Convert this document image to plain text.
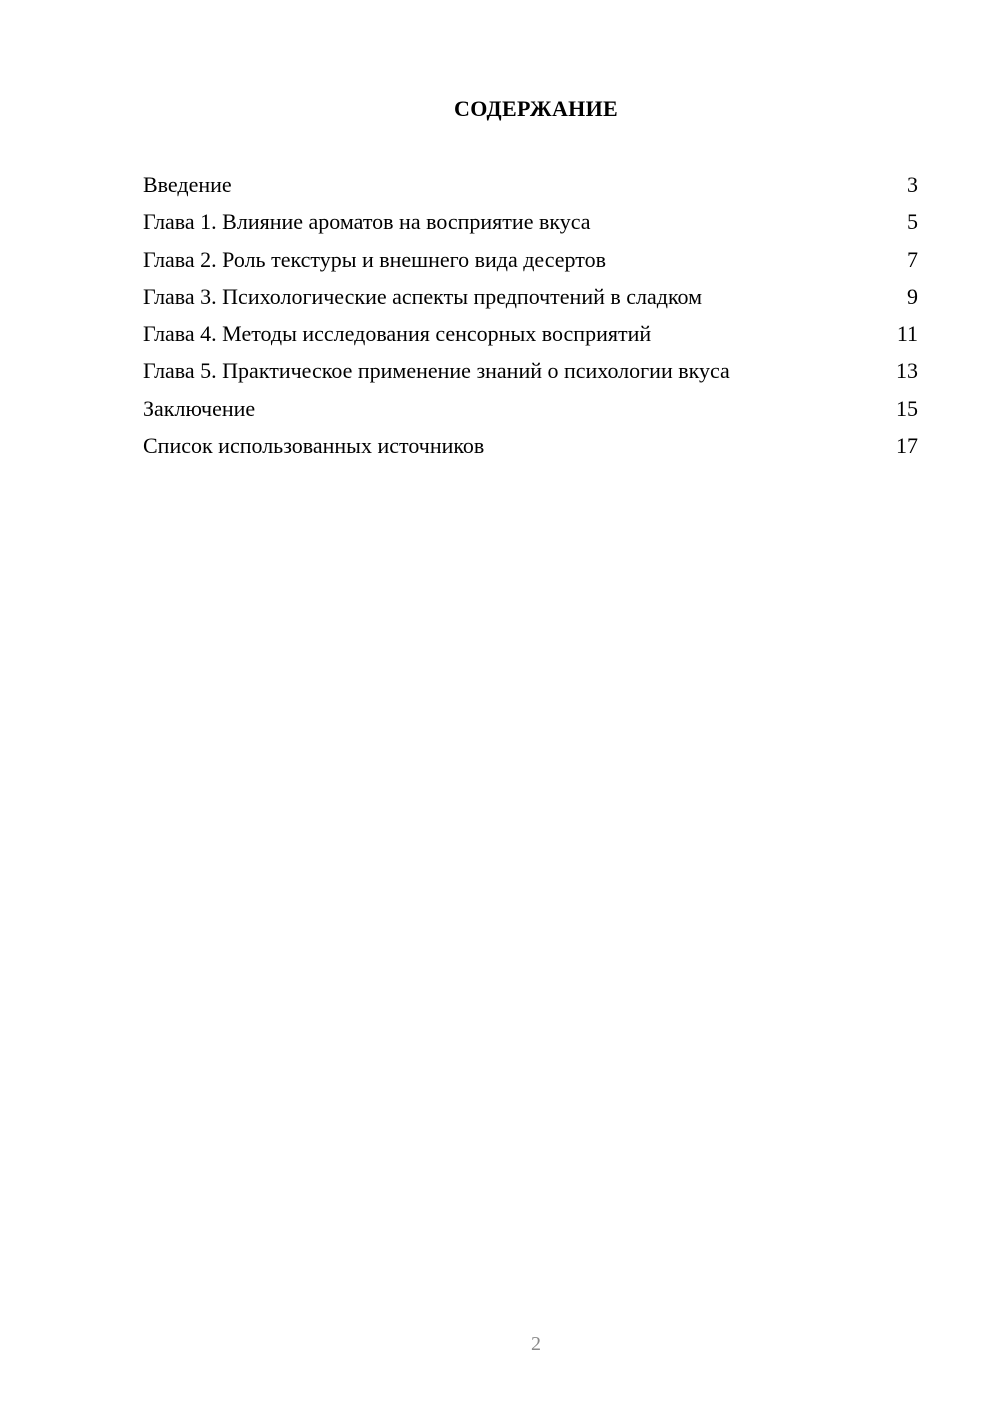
СОДЕРЖАНИЕ
Введение	3
Глава 1. Влияние ароматов на восприятие вкуса	5
Глава 2. Роль текстуры и внешнего вида десертов	7
Глава 3. Психологические аспекты предпочтений в сладком	9
Глава 4. Методы исследования сенсорных восприятий	11
Глава 5. Практическое применение знаний о психологии вкуса	13
Заключение	15
Список использованных источников	17
2
